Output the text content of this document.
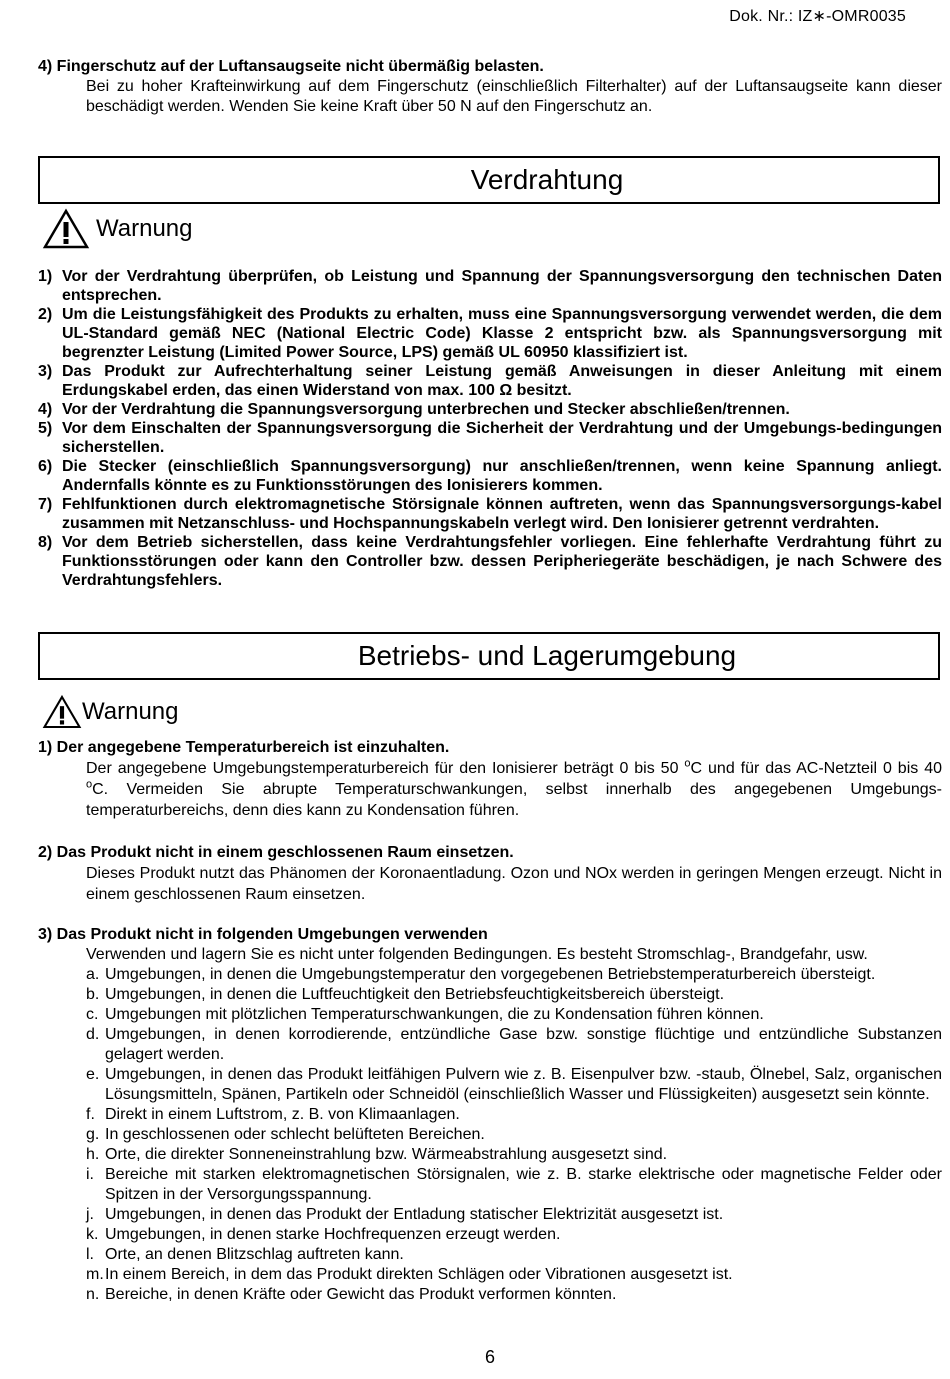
Dok. Nr.: IZ∗-OMR0035
4) Fingerschutz auf der Luftansaugseite nicht übermäßig belasten.
Bei zu hoher Krafteinwirkung auf dem Fingerschutz (einschließlich Filterhalter) auf der Luftansaugseite kann dieser beschädigt werden. Wenden Sie keine Kraft über 50 N auf den Fingerschutz an.
Verdrahtung
Warnung
1) Vor der Verdrahtung überprüfen, ob Leistung und Spannung der Spannungsversorgung den technischen Daten entsprechen.
2) Um die Leistungsfähigkeit des Produkts zu erhalten, muss eine Spannungsversorgung verwendet werden, die dem UL-Standard gemäß NEC (National Electric Code) Klasse 2 entspricht bzw. als Spannungsversorgung mit begrenzter Leistung (Limited Power Source, LPS) gemäß UL 60950 klassifiziert ist.
3) Das Produkt zur Aufrechterhaltung seiner Leistung gemäß Anweisungen in dieser Anleitung mit einem Erdungskabel erden, das einen Widerstand von max. 100 Ω besitzt.
4) Vor der Verdrahtung die Spannungsversorgung unterbrechen und Stecker abschließen/trennen.
5) Vor dem Einschalten der Spannungsversorgung die Sicherheit der Verdrahtung und der Umgebungs-bedingungen sicherstellen.
6) Die Stecker (einschließlich Spannungsversorgung) nur anschließen/trennen, wenn keine Spannung anliegt. Andernfalls könnte es zu Funktionsstörungen des Ionisierers kommen.
7) Fehlfunktionen durch elektromagnetische Störsignale können auftreten, wenn das Spannungsversorgungs-kabel zusammen mit Netzanschluss- und Hochspannungskabeln verlegt wird. Den Ionisierer getrennt verdrahten.
8) Vor dem Betrieb sicherstellen, dass keine Verdrahtungsfehler vorliegen. Eine fehlerhafte Verdrahtung führt zu Funktionsstörungen oder kann den Controller bzw. dessen Peripheriegeräte beschädigen, je nach Schwere des Verdrahtungsfehlers.
Betriebs- und Lagerumgebung
Warnung
1) Der angegebene Temperaturbereich ist einzuhalten.
Der angegebene Umgebungstemperaturbereich für den Ionisierer beträgt 0 bis 50 $^o$C und für das AC-Netzteil 0 bis 40 $^o$C. Vermeiden Sie abrupte Temperaturschwankungen, selbst innerhalb des angegebenen Umgebungs-temperaturbereichs, denn dies kann zu Kondensation führen.
2) Das Produkt nicht in einem geschlossenen Raum einsetzen.
Dieses Produkt nutzt das Phänomen der Koronaentladung. Ozon und NOx werden in geringen Mengen erzeugt. Nicht in einem geschlossenen Raum einsetzen.
3) Das Produkt nicht in folgenden Umgebungen verwenden
Verwenden und lagern Sie es nicht unter folgenden Bedingungen. Es besteht Stromschlag-, Brandgefahr, usw.
a. Umgebungen, in denen die Umgebungstemperatur den vorgegebenen Betriebstemperaturbereich übersteigt.
b. Umgebungen, in denen die Luftfeuchtigkeit den Betriebsfeuchtigkeitsbereich übersteigt.
c. Umgebungen mit plötzlichen Temperaturschwankungen, die zu Kondensation führen können.
d. Umgebungen, in denen korrodierende, entzündliche Gase bzw. sonstige flüchtige und entzündliche Substanzen gelagert werden.
e. Umgebungen, in denen das Produkt leitfähigen Pulvern wie z. B. Eisenpulver bzw. -staub, Ölnebel, Salz, organischen Lösungsmitteln, Spänen, Partikeln oder Schneidöl (einschließlich Wasser und Flüssigkeiten) ausgesetzt sein könnte.
f. Direkt in einem Luftstrom, z. B. von Klimaanlagen.
g. In geschlossenen oder schlecht belüfteten Bereichen.
h. Orte, die direkter Sonneneinstrahlung bzw. Wärmeabstrahlung ausgesetzt sind.
i. Bereiche mit starken elektromagnetischen Störsignalen, wie z. B. starke elektrische oder magnetische Felder oder Spitzen in der Versorgungsspannung.
j. Umgebungen, in denen das Produkt der Entladung statischer Elektrizität ausgesetzt ist.
k. Umgebungen, in denen starke Hochfrequenzen erzeugt werden.
l. Orte, an denen Blitzschlag auftreten kann.
m. In einem Bereich, in dem das Produkt direkten Schlägen oder Vibrationen ausgesetzt ist.
n. Bereiche, in denen Kräfte oder Gewicht das Produkt verformen könnten.
6
